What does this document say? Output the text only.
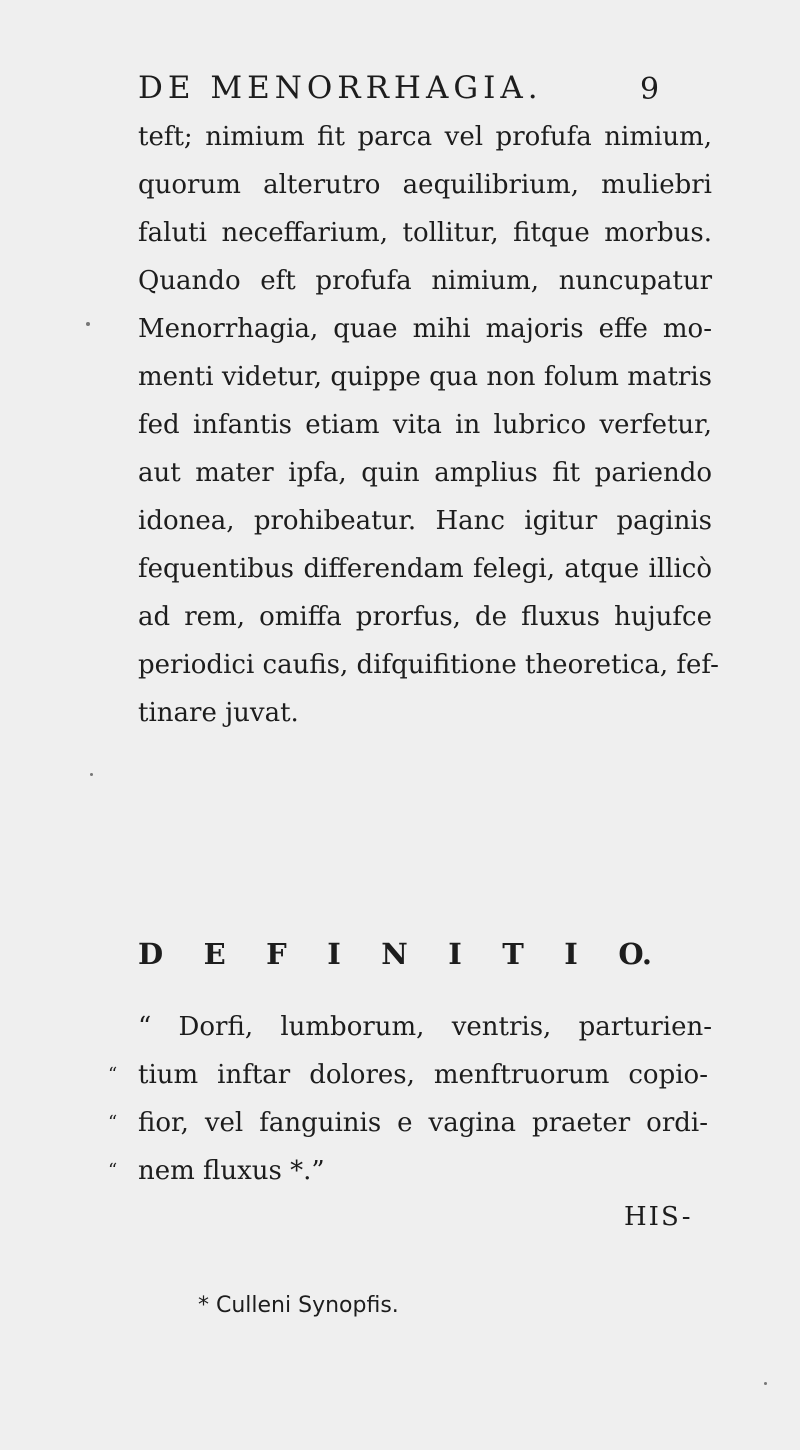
DE MENORRHAGIA.	9
teft; nimium fit parca vel profufa nimium,
quorum alterutro aequilibrium, muliebri
faluti neceffarium, tollitur, fitque morbus.
Quando eft profufa nimium, nuncupatur
Menorrhagia, quae mihi majoris effe mo-
menti videtur, quippe qua non folum matris
fed infantis etiam vita in lubrico verfetur,
aut mater ipfa, quin amplius fit pariendo
idonea, prohibeatur. Hanc igitur paginis
fequentibus differendam felegi, atque illicò
ad rem, omiffa prorfus, de fluxus hujufce
periodici caufis, difquifitione theoretica, fef-
tinare juvat.
D E F I N I T I O.
“ Dorfi, lumborum, ventris, parturien-
“ tium inftar dolores, menftruorum copio-
“ fior, vel fanguinis e vagina praeter ordi-
“ nem fluxus *.”
HIS-
* Culleni Synopfis.
